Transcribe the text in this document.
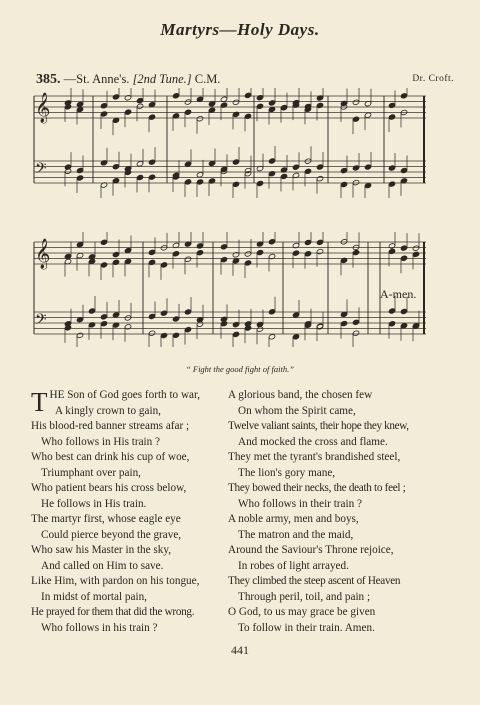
Martyrs—Holy Days.
385. —St. Anne's. [2nd Tune.] C.M.	Dr. Croft.
𝄞
𝄢
𝄞
𝄢
A-men.
“ Fight the good fight of faith.”
THE Son of God goes forth to war,
A kingly crown to gain,
His blood-red banner streams afar ;
Who follows in His train ?
Who best can drink his cup of woe,
Triumphant over pain,
Who patient bears his cross below,
He follows in His train.
A glorious band, the chosen few
On whom the Spirit came,
Twelve valiant saints, their hope they knew,
And mocked the cross and flame.
They met the tyrant's brandished steel,
The lion's gory mane,
They bowed their necks, the death to feel ;
Who follows in their train ?
The martyr first, whose eagle eye
Could pierce beyond the grave,
Who saw his Master in the sky,
And called on Him to save.
Like Him, with pardon on his tongue,
In midst of mortal pain,
He prayed for them that did the wrong.
Who follows in his train ?
A noble army, men and boys,
The matron and the maid,
Around the Saviour's Throne rejoice,
In robes of light arrayed.
They climbed the steep ascent of Heaven
Through peril, toil, and pain ;
O God, to us may grace be given
To follow in their train. Amen.
441
